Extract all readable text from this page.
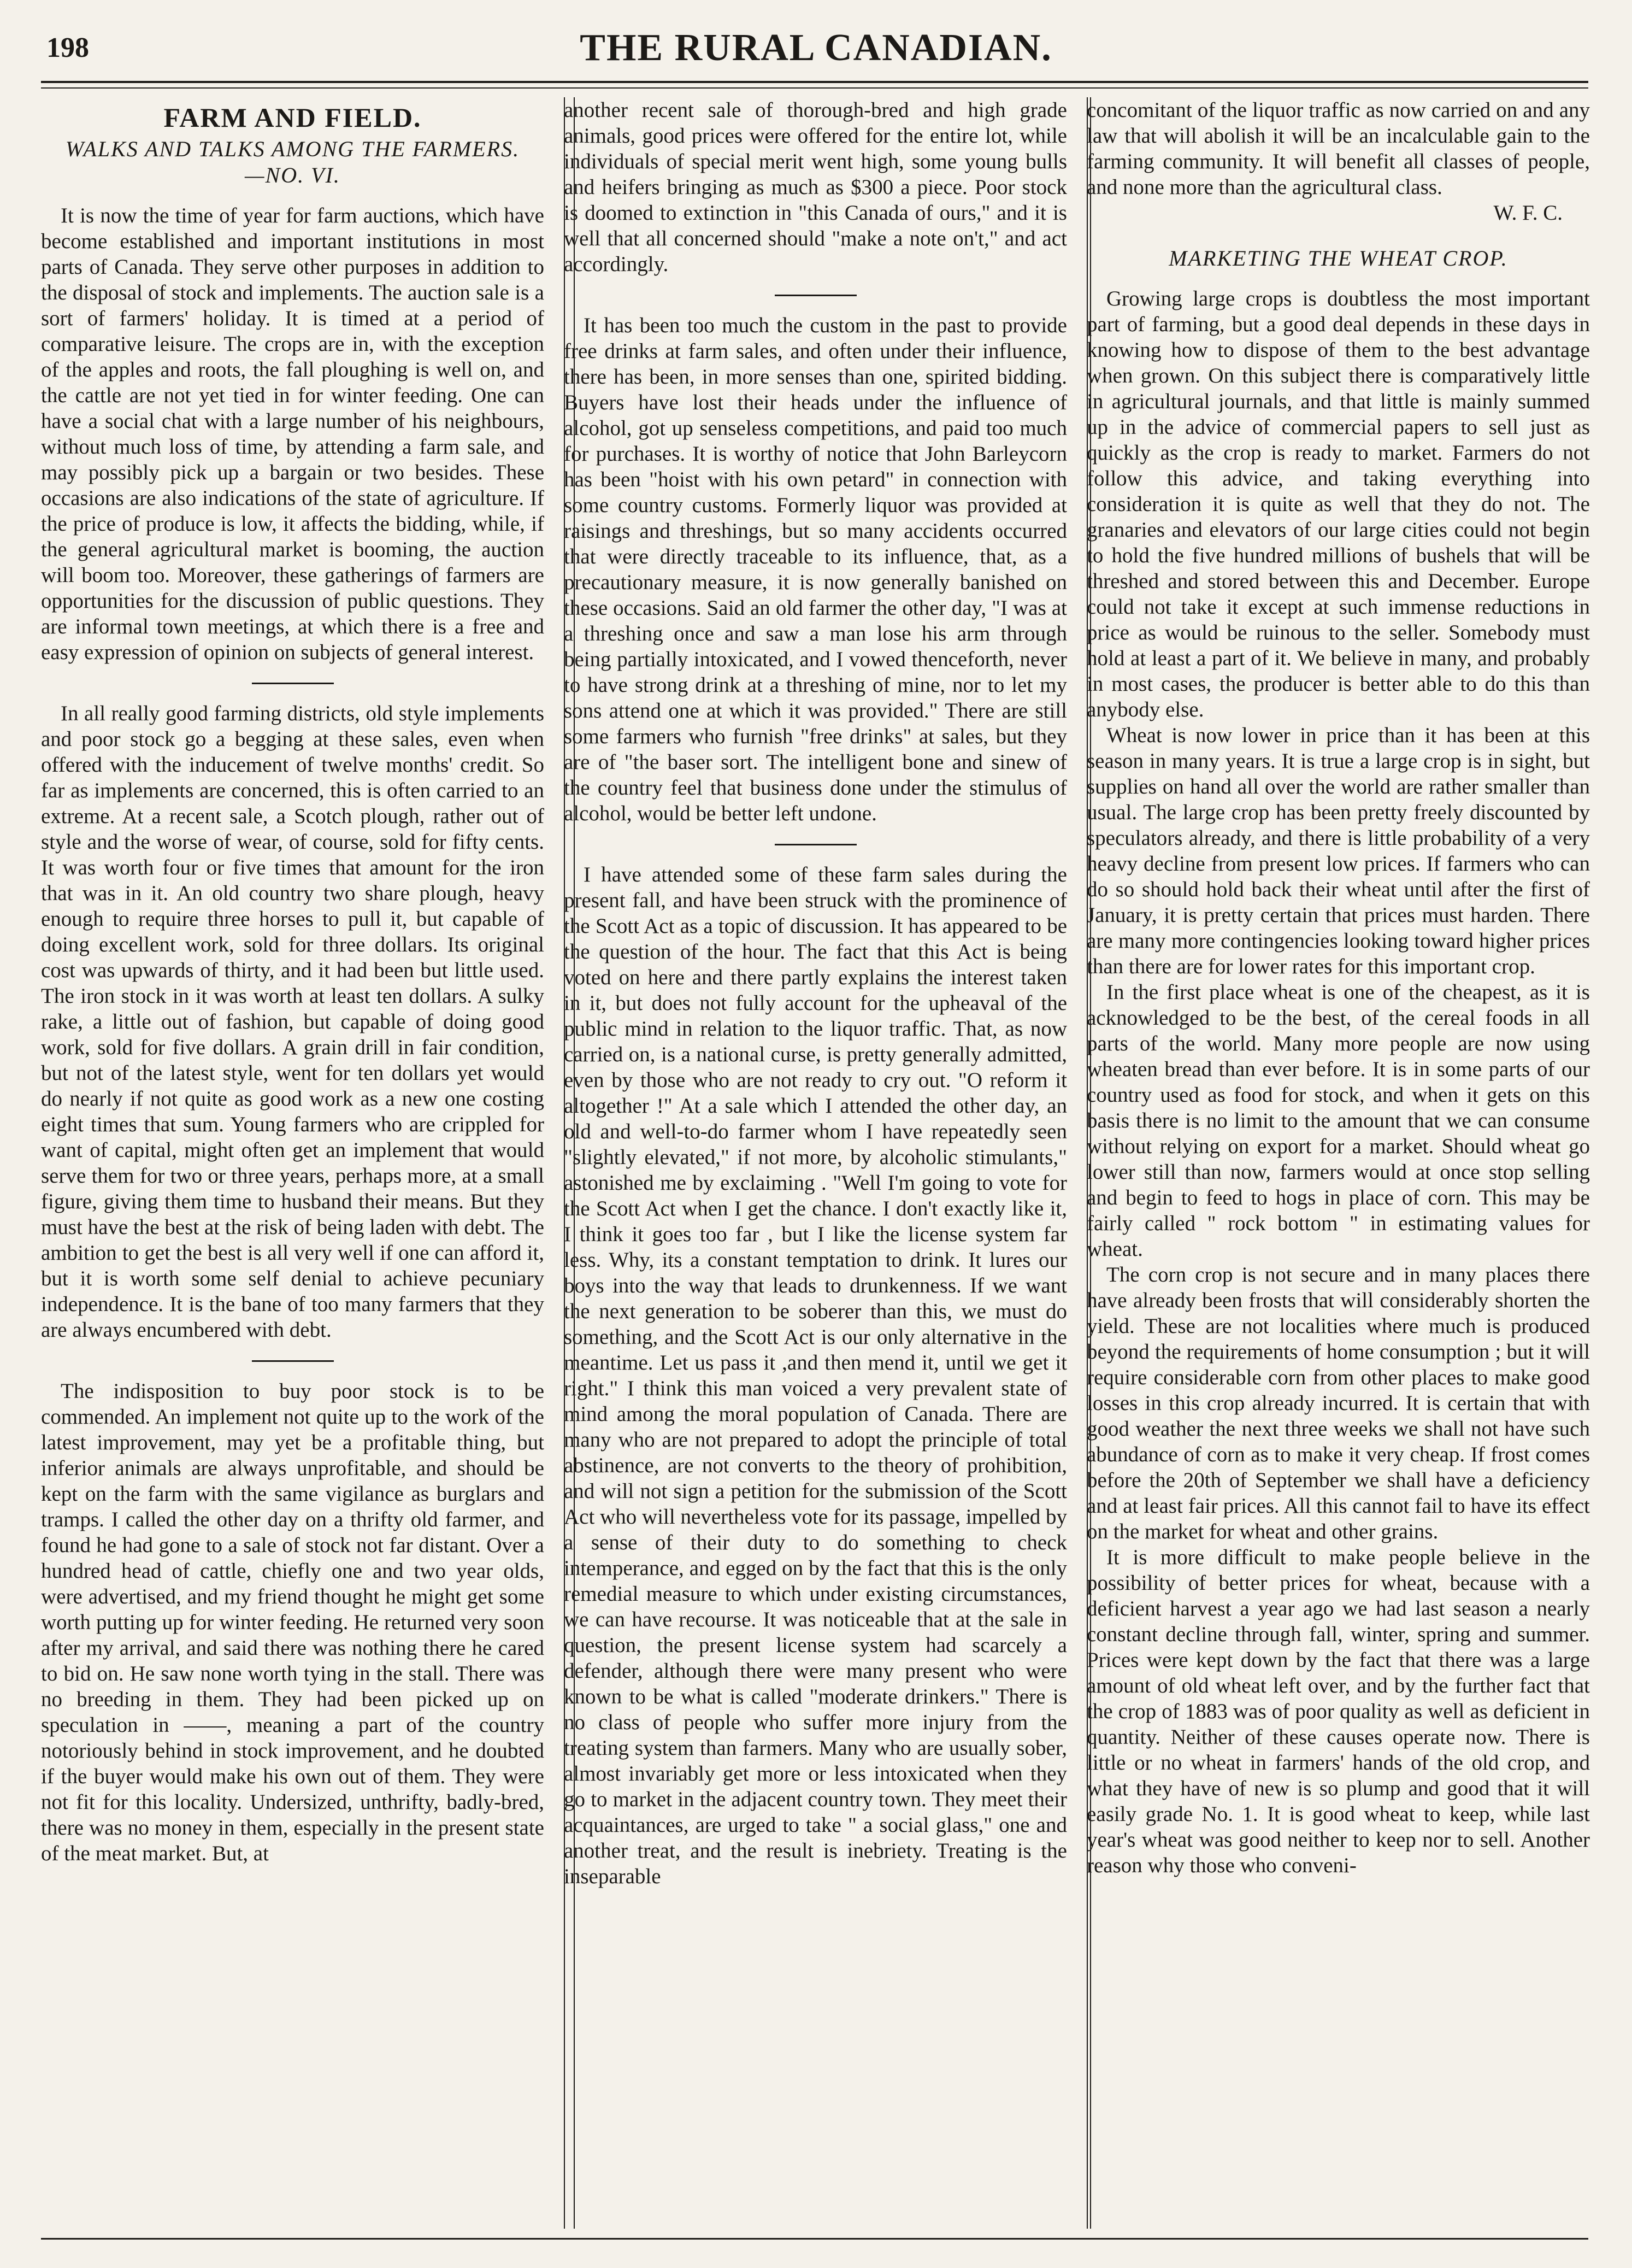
198	THE RURAL CANADIAN.
FARM AND FIELD.
WALKS AND TALKS AMONG THE FARMERS.—NO. VI.

It is now the time of year for farm auctions, which have become established and important institutions in most parts of Canada. They serve other purposes in addition to the disposal of stock and implements. The auction sale is a sort of farmers' holiday. It is timed at a period of comparative leisure. The crops are in, with the exception of the apples and roots, the fall ploughing is well on, and the cattle are not yet tied in for winter feeding. One can have a social chat with a large number of his neighbours, without much loss of time, by attending a farm sale, and may possibly pick up a bargain or two besides. These occasions are also indications of the state of agriculture. If the price of produce is low, it affects the bidding, while, if the general agricultural market is booming, the auction will boom too. Moreover, these gatherings of farmers are opportunities for the discussion of public questions. They are informal town meetings, at which there is a free and easy expression of opinion on subjects of general interest.

In all really good farming districts, old style implements and poor stock go a begging at these sales, even when offered with the inducement of twelve months' credit. So far as implements are concerned, this is often carried to an extreme. At a recent sale, a Scotch plough, rather out of style and the worse of wear, of course, sold for fifty cents. It was worth four or five times that amount for the iron that was in it. An old country two share plough, heavy enough to require three horses to pull it, but capable of doing excellent work, sold for three dollars. Its original cost was upwards of thirty, and it had been but little used. The iron stock in it was worth at least ten dollars. A sulky rake, a little out of fashion, but capable of doing good work, sold for five dollars. A grain drill in fair condition, but not of the latest style, went for ten dollars yet would do nearly if not quite as good work as a new one costing eight times that sum. Young farmers who are crippled for want of capital, might often get an implement that would serve them for two or three years, perhaps more, at a small figure, giving them time to husband their means. But they must have the best at the risk of being laden with debt. The ambition to get the best is all very well if one can afford it, but it is worth some self denial to achieve pecuniary independence. It is the bane of too many farmers that they are always encumbered with debt.

The indisposition to buy poor stock is to be commended. An implement not quite up to the work of the latest improvement, may yet be a profitable thing, but inferior animals are always unprofitable, and should be kept on the farm with the same vigilance as burglars and tramps. I called the other day on a thrifty old farmer, and found he had gone to a sale of stock not far distant. Over a hundred head of cattle, chiefly one and two year olds, were advertised, and my friend thought he might get some worth putting up for winter feeding. He returned very soon after my arrival, and said there was nothing there he cared to bid on. He saw none worth tying in the stall. There was no breeding in them. They had been picked up on speculation in ——, meaning a part of the country notoriously behind in stock improvement, and he doubted if the buyer would make his own out of them. They were not fit for this locality. Undersized, unthrifty, badly-bred, there was no money in them, especially in the present state of the meat market. But, at

another recent sale of thorough-bred and high grade animals, good prices were offered for the entire lot, while individuals of special merit went high, some young bulls and heifers bringing as much as $300 a piece. Poor stock is doomed to extinction in "this Canada of ours," and it is well that all concerned should "make a note on't," and act accordingly.

It has been too much the custom in the past to provide free drinks at farm sales, and often under their influence, there has been, in more senses than one, spirited bidding. Buyers have lost their heads under the influence of alcohol, got up senseless competitions, and paid too much for purchases. It is worthy of notice that John Barleycorn has been "hoist with his own petard" in connection with some country customs. Formerly liquor was provided at raisings and threshings, but so many accidents occurred that were directly traceable to its influence, that, as a precautionary measure, it is now generally banished on these occasions. Said an old farmer the other day, "I was at a threshing once and saw a man lose his arm through being partially intoxicated, and I vowed thenceforth, never to have strong drink at a threshing of mine, nor to let my sons attend one at which it was provided." There are still some farmers who furnish "free drinks" at sales, but they are of "the baser sort. The intelligent bone and sinew of the country feel that business done under the stimulus of alcohol, would be better left undone.

I have attended some of these farm sales during the present fall, and have been struck with the prominence of the Scott Act as a topic of discussion. It has appeared to be the question of the hour. The fact that this Act is being voted on here and there partly explains the interest taken in it, but does not fully account for the upheaval of the public mind in relation to the liquor traffic. That, as now carried on, is a national curse, is pretty generally admitted, even by those who are not ready to cry out. "O reform it altogether !" At a sale which I attended the other day, an old and well-to-do farmer whom I have repeatedly seen "slightly elevated," if not more, by alcoholic stimulants," astonished me by exclaiming . "Well I'm going to vote for the Scott Act when I get the chance. I don't exactly like it, I think it goes too far , but I like the license system far less. Why, its a constant temptation to drink. It lures our boys into the way that leads to drunkenness. If we want the next generation to be soberer than this, we must do something, and the Scott Act is our only alternative in the meantime. Let us pass it ,and then mend it, until we get it right." I think this man voiced a very prevalent state of mind among the moral population of Canada. There are many who are not prepared to adopt the principle of total abstinence, are not converts to the theory of prohibition, and will not sign a petition for the submission of the Scott Act who will nevertheless vote for its passage, impelled by a sense of their duty to do something to check intemperance, and egged on by the fact that this is the only remedial measure to which under existing circumstances, we can have recourse. It was noticeable that at the sale in question, the present license system had scarcely a defender, although there were many present who were known to be what is called "moderate drinkers." There is no class of people who suffer more injury from the treating system than farmers. Many who are usually sober, almost invariably get more or less intoxicated when they go to market in the adjacent country town. They meet their acquaintances, are urged to take " a social glass," one and another treat, and the result is inebriety. Treating is the inseparable

concomitant of the liquor traffic as now carried on and any law that will abolish it will be an incalculable gain to the farming community. It will benefit all classes of people, and none more than the agricultural class.

W. F. C.
MARKETING THE WHEAT CROP.

Growing large crops is doubtless the most important part of farming, but a good deal depends in these days in knowing how to dispose of them to the best advantage when grown. On this subject there is comparatively little in agricultural journals, and that little is mainly summed up in the advice of commercial papers to sell just as quickly as the crop is ready to market. Farmers do not follow this advice, and taking everything into consideration it is quite as well that they do not. The granaries and elevators of our large cities could not begin to hold the five hundred millions of bushels that will be threshed and stored between this and December. Europe could not take it except at such immense reductions in price as would be ruinous to the seller. Somebody must hold at least a part of it. We believe in many, and probably in most cases, the producer is better able to do this than anybody else.

Wheat is now lower in price than it has been at this season in many years. It is true a large crop is in sight, but supplies on hand all over the world are rather smaller than usual. The large crop has been pretty freely discounted by speculators already, and there is little probability of a very heavy decline from present low prices. If farmers who can do so should hold back their wheat until after the first of January, it is pretty certain that prices must harden. There are many more contingencies looking toward higher prices than there are for lower rates for this important crop.

In the first place wheat is one of the cheapest, as it is acknowledged to be the best, of the cereal foods in all parts of the world. Many more people are now using wheaten bread than ever before. It is in some parts of our country used as food for stock, and when it gets on this basis there is no limit to the amount that we can consume without relying on export for a market. Should wheat go lower still than now, farmers would at once stop selling and begin to feed to hogs in place of corn. This may be fairly called " rock bottom " in estimating values for wheat.

The corn crop is not secure and in many places there have already been frosts that will considerably shorten the yield. These are not localities where much is produced beyond the requirements of home consumption ; but it will require considerable corn from other places to make good losses in this crop already incurred. It is certain that with good weather the next three weeks we shall not have such abundance of corn as to make it very cheap. If frost comes before the 20th of September we shall have a deficiency and at least fair prices. All this cannot fail to have its effect on the market for wheat and other grains.

It is more difficult to make people believe in the possibility of better prices for wheat, because with a deficient harvest a year ago we had last season a nearly constant decline through fall, winter, spring and summer. Prices were kept down by the fact that there was a large amount of old wheat left over, and by the further fact that the crop of 1883 was of poor quality as well as deficient in quantity. Neither of these causes operate now. There is little or no wheat in farmers' hands of the old crop, and what they have of new is so plump and good that it will easily grade No. 1. It is good wheat to keep, while last year's wheat was good neither to keep nor to sell. Another reason why those who conveni-
